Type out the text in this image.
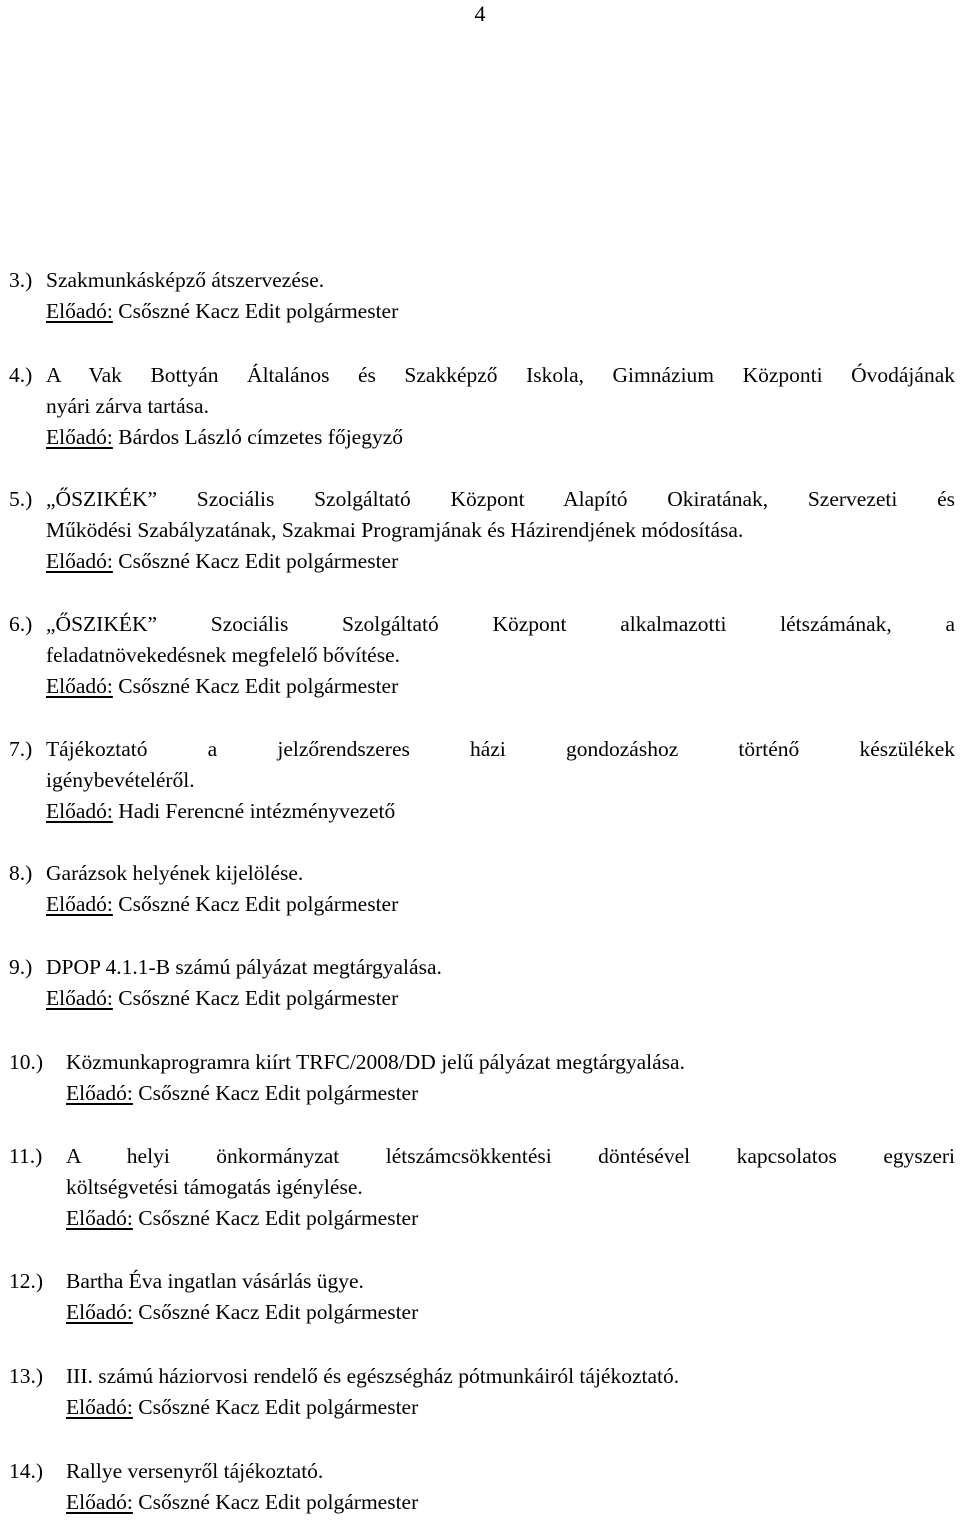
4
3.) Szakmunkásképző átszervezése.
Előadó: Csőszné Kacz Edit polgármester
4.) A Vak Bottyán Általános és Szakképző Iskola, Gimnázium Központi Óvodájának
nyári zárva tartása.
Előadó: Bárdos László címzetes főjegyző
5.) „ŐSZIKÉK” Szociális Szolgáltató Központ Alapító Okiratának, Szervezeti és
Működési Szabályzatának, Szakmai Programjának és Házirendjének módosítása.
Előadó: Csőszné Kacz Edit polgármester
6.) „ŐSZIKÉK” Szociális Szolgáltató Központ alkalmazotti létszámának, a
feladatnövekedésnek megfelelő bővítése.
Előadó: Csőszné Kacz Edit polgármester
7.) Tájékoztató a jelzőrendszeres házi gondozáshoz történő készülékek
igénybevételéről.
Előadó: Hadi Ferencné intézményvezető
8.) Garázsok helyének kijelölése.
Előadó: Csőszné Kacz Edit polgármester
9.) DPOP 4.1.1-B számú pályázat megtárgyalása.
Előadó: Csőszné Kacz Edit polgármester
10.) Közmunkaprogramra kiírt TRFC/2008/DD jelű pályázat megtárgyalása.
Előadó: Csőszné Kacz Edit polgármester
11.) A helyi önkormányzat létszámcsökkentési döntésével kapcsolatos egyszeri
költségvetési támogatás igénylése.
Előadó: Csőszné Kacz Edit polgármester
12.) Bartha Éva ingatlan vásárlás ügye.
Előadó: Csőszné Kacz Edit polgármester
13.) III. számú háziorvosi rendelő és egészségház pótmunkáiról tájékoztató.
Előadó: Csőszné Kacz Edit polgármester
14.) Rallye versenyről tájékoztató.
Előadó: Csőszné Kacz Edit polgármester
